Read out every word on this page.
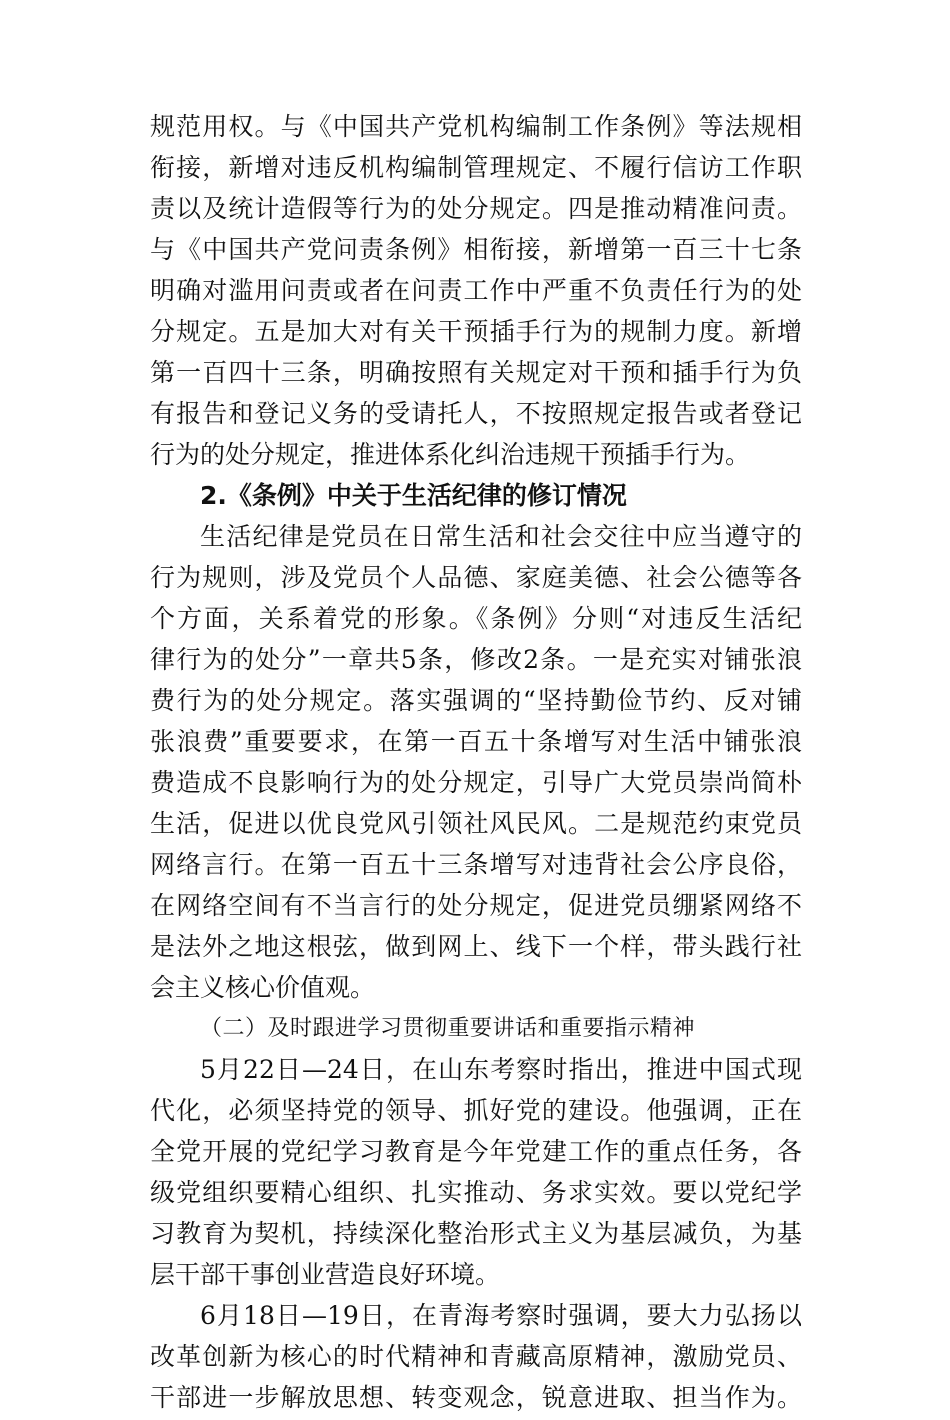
规范用权。与《中国共产党机构编制工作条例》等法规相
衔接，新增对违反机构编制管理规定、不履行信访工作职
责以及统计造假等行为的处分规定。四是推动精准问责。
与《中国共产党问责条例》相衔接，新增第一百三十七条
明确对滥用问责或者在问责工作中严重不负责任行为的处
分规定。五是加大对有关干预插手行为的规制力度。新增
第一百四十三条，明确按照有关规定对干预和插手行为负
有报告和登记义务的受请托人，不按照规定报告或者登记
行为的处分规定，推进体系化纠治违规干预插手行为。
2.《条例》中关于生活纪律的修订情况
生活纪律是党员在日常生活和社会交往中应当遵守的
行为规则，涉及党员个人品德、家庭美德、社会公德等各
个方面，关系着党的形象。《条例》分则“对违反生活纪
律行为的处分”一章共5条，修改2条。一是充实对铺张浪
费行为的处分规定。落实强调的“坚持勤俭节约、反对铺
张浪费”重要要求，在第一百五十条增写对生活中铺张浪
费造成不良影响行为的处分规定，引导广大党员崇尚简朴
生活，促进以优良党风引领社风民风。二是规范约束党员
网络言行。在第一百五十三条增写对违背社会公序良俗，
在网络空间有不当言行的处分规定，促进党员绷紧网络不
是法外之地这根弦，做到网上、线下一个样，带头践行社
会主义核心价值观。
（二）及时跟进学习贯彻重要讲话和重要指示精神
5月22日—24日，在山东考察时指出，推进中国式现
代化，必须坚持党的领导、抓好党的建设。他强调，正在
全党开展的党纪学习教育是今年党建工作的重点任务，各
级党组织要精心组织、扎实推动、务求实效。要以党纪学
习教育为契机，持续深化整治形式主义为基层减负，为基
层干部干事创业营造良好环境。
6月18日—19日，在青海考察时强调，要大力弘扬以
改革创新为核心的时代精神和青藏高原精神，激励党员、
干部进一步解放思想、转变观念，锐意进取、担当作为。
